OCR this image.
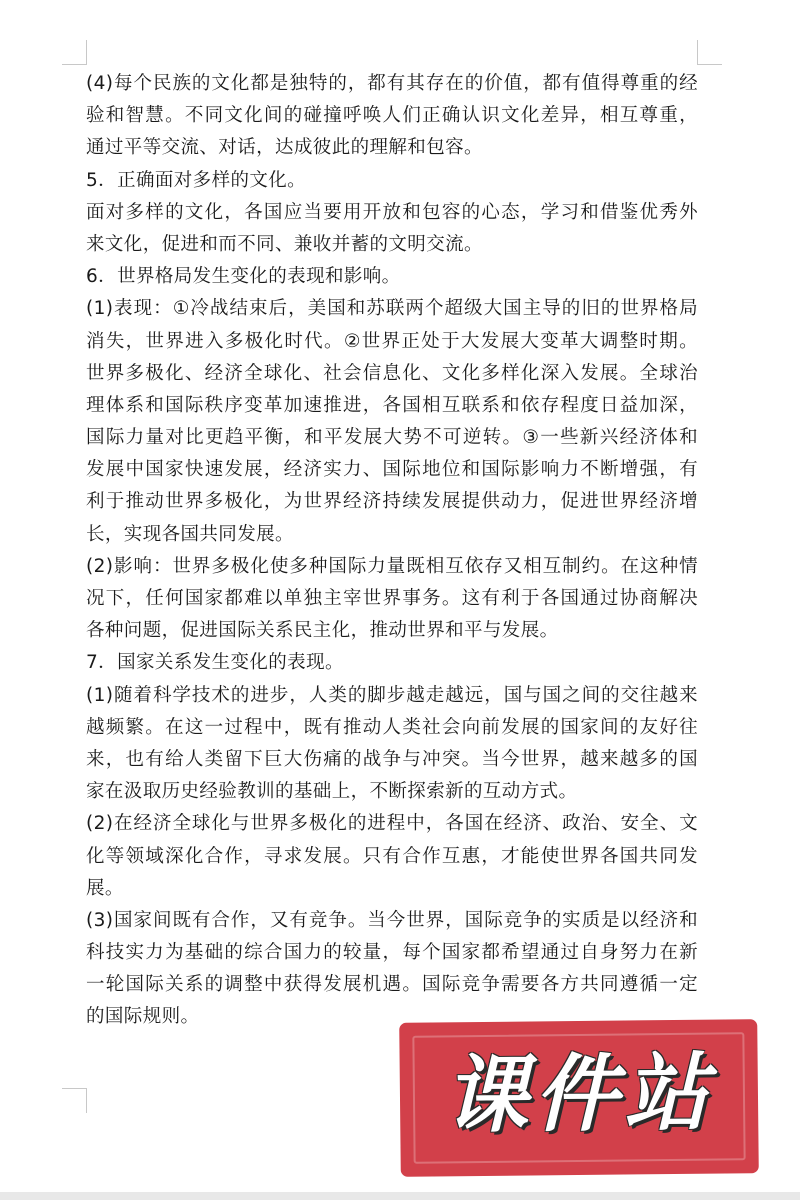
(4)每个民族的文化都是独特的，都有其存在的价值，都有值得尊重的经
验和智慧。不同文化间的碰撞呼唤人们正确认识文化差异，相互尊重，
通过平等交流、对话，达成彼此的理解和包容。
5．正确面对多样的文化。
面对多样的文化，各国应当要用开放和包容的心态，学习和借鉴优秀外
来文化，促进和而不同、兼收并蓄的文明交流。
6．世界格局发生变化的表现和影响。
(1)表现：①冷战结束后，美国和苏联两个超级大国主导的旧的世界格局
消失，世界进入多极化时代。②世界正处于大发展大变革大调整时期。
世界多极化、经济全球化、社会信息化、文化多样化深入发展。全球治
理体系和国际秩序变革加速推进，各国相互联系和依存程度日益加深，
国际力量对比更趋平衡，和平发展大势不可逆转。③一些新兴经济体和
发展中国家快速发展，经济实力、国际地位和国际影响力不断增强，有
利于推动世界多极化，为世界经济持续发展提供动力，促进世界经济增
长，实现各国共同发展。
(2)影响：世界多极化使多种国际力量既相互依存又相互制约。在这种情
况下，任何国家都难以单独主宰世界事务。这有利于各国通过协商解决
各种问题，促进国际关系民主化，推动世界和平与发展。
7．国家关系发生变化的表现。
(1)随着科学技术的进步，人类的脚步越走越远，国与国之间的交往越来
越频繁。在这一过程中，既有推动人类社会向前发展的国家间的友好往
来，也有给人类留下巨大伤痛的战争与冲突。当今世界，越来越多的国
家在汲取历史经验教训的基础上，不断探索新的互动方式。
(2)在经济全球化与世界多极化的进程中，各国在经济、政治、安全、文
化等领域深化合作，寻求发展。只有合作互惠，才能使世界各国共同发
展。
(3)国家间既有合作，又有竞争。当今世界，国际竞争的实质是以经济和
科技实力为基础的综合国力的较量，每个国家都希望通过自身努力在新
一轮国际关系的调整中获得发展机遇。国际竞争需要各方共同遵循一定
的国际规则。
课件站
